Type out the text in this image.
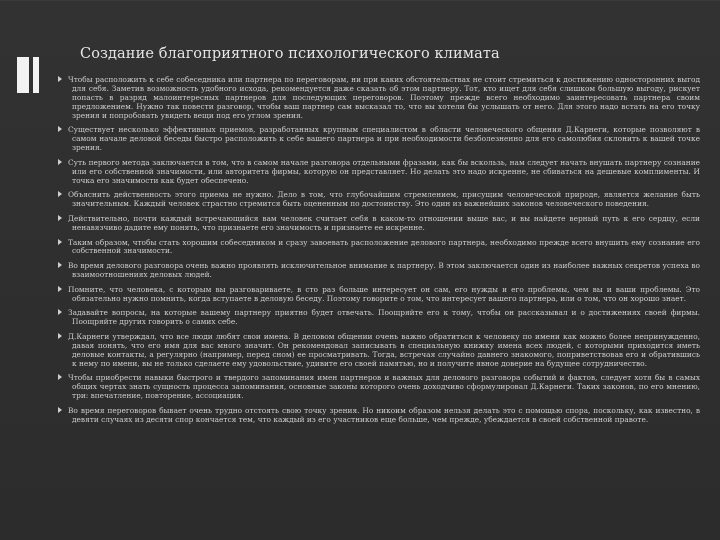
Создание благоприятного психологического климата

Чтобы расположить к себе собеседника или партнера по переговорам, ни при каких обстоятельствах не стоит стремиться к достижению односторонних выгод для себя. Заметив возможность удобного исхода, рекомендуется даже сказать об этом партнеру. Тот, кто ищет для себя слишком большую выгоду, рискует попасть в разряд малоинтересных партнеров для последующих переговоров. Поэтому прежде всего необходимо заинтересовать партнера своим предложением. Нужно так повести разговор, чтобы ваш партнер сам высказал то, что вы хотели бы услышать от него. Для этого надо встать на его точку зрения и попробовать увидеть вещи под его углом зрения.

Существует несколько эффективных приемов, разработанных крупным специалистом в области человеческого общения Д.Карнеги, которые позволяют в самом начале деловой беседы быстро расположить к себе вашего партнера и при необходимости безболезненно для его самолюбия склонить к вашей точке зрения.

Суть первого метода заключается в том, что в самом начале разговора отдельными фразами, как бы вскользь, нам следует начать внушать партнеру сознание или его собственной значимости, или авторитета фирмы, которую он представляет. Но делать это надо искренне, не сбиваться на дешевые комплименты. И точка его значимости как будет обеспечено.

Объяснить действенность этого приема не нужно. Дело в том, что глубочайшим стремлением, присущим человеческой природе, является желание быть значительным. Каждый человек страстно стремится быть оцененным по достоинству. Это один из важнейших законов человеческого поведения.

Действительно, почти каждый встречающийся вам человек считает себя в каком-то отношении выше вас, и вы найдете верный путь к его сердцу, если ненавязчиво дадите ему понять, что признаете его значимость и признаете ее искренне.

Таким образом, чтобы стать хорошим собеседником и сразу завоевать расположение делового партнера, необходимо прежде всего внушить ему сознание его собственной значимости.

Во время делового разговора очень важно проявлять исключительное внимание к партнеру. В этом заключается один из наиболее важных секретов успеха во взаимоотношениях деловых людей.

Помните, что человека, с которым вы разговариваете, в сто раз больше интересует он сам, его нужды и его проблемы, чем вы и ваши проблемы. Это обязательно нужно помнить, когда вступаете в деловую беседу. Поэтому говорите о том, что интересует вашего партнера, или о том, что он хорошо знает.

Задавайте вопросы, на которые вашему партнеру приятно будет отвечать. Поощряйте его к тому, чтобы он рассказывал и о достижениях своей фирмы. Поощряйте других говорить о самих себе.

Д.Карнеги утверждал, что все люди любят свои имена. В деловом общении очень важно обратиться к человеку по имени как можно более непринужденно, давая понять, что его имя для вас много значит. Он рекомендовал записывать в специальную книжку имена всех людей, с которыми приходится иметь деловые контакты, а регулярно (например, перед сном) ее просматривать. Тогда, встречая случайно давнего знакомого, поприветствовав его и обратившись к нему по имени, вы не только сделаете ему удовольствие, удивите его своей памятью, но и получите явное доверие на будущее сотрудничество.

Чтобы приобрести навыки быстрого и твердого запоминания имен партнеров и важных для делового разговора событий и фактов, следует хотя бы в самых общих чертах знать сущность процесса запоминания, основные законы которого очень доходчиво сформулировал Д.Карнеги. Таких законов, по его мнению, три: впечатление, повторение, ассоциация.

Во время переговоров бывает очень трудно отстоять свою точку зрения. Но никоим образом нельзя делать это с помощью спора, поскольку, как известно, в девяти случаях из десяти спор кончается тем, что каждый из его участников еще больше, чем прежде, убеждается в своей собственной правоте.
